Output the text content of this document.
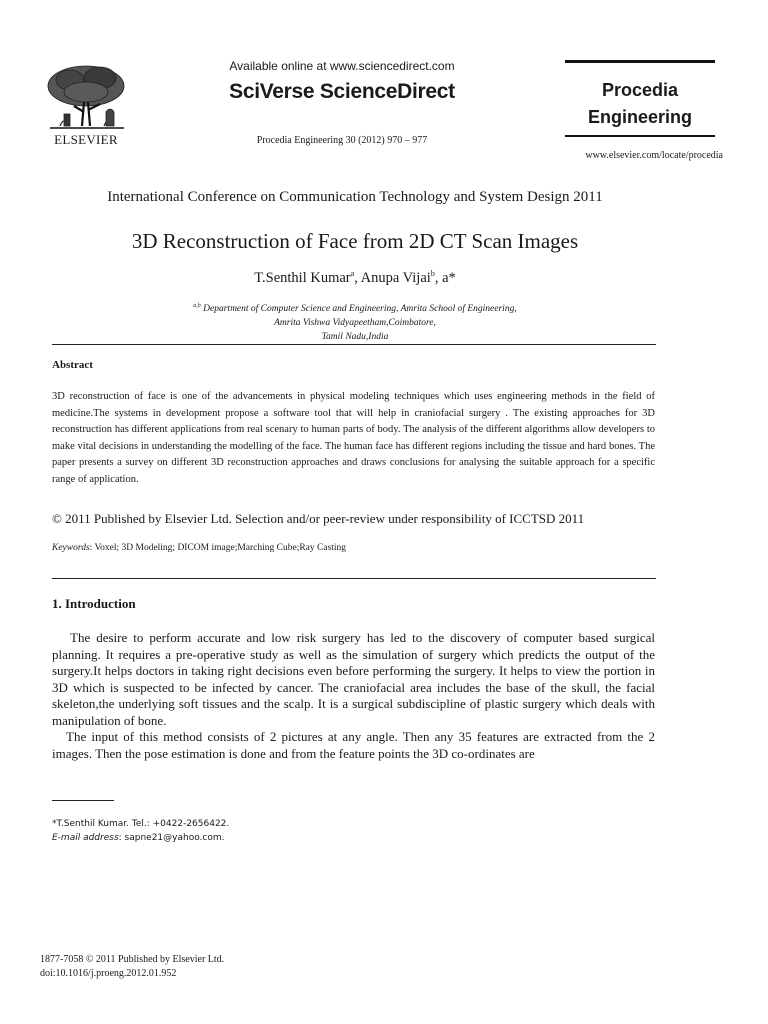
ELSEVIER
Available online at www.sciencedirect.com
SciVerse ScienceDirect
Procedia Engineering 30 (2012) 970 – 977
Procedia
Engineering
www.elsevier.com/locate/procedia
International Conference on Communication Technology and System Design 2011
3D Reconstruction of Face from 2D CT Scan Images
T.Senthil Kumar$^a$, Anupa Vijai$^b$, a*
$^{a,b}$ Department of Computer Science and Engineering, Amrita School of Engineering,
Amrita Vishwa Vidyapeetham,Coimbatore,
Tamil Nadu,India
Abstract
3D reconstruction of face is one of the advancements in physical modeling techniques which uses engineering methods in the field of medicine.The systems in development propose a software tool that will help in craniofacial surgery . The existing approaches for 3D reconstruction has different applications from real scenary to human parts of body. The analysis of the different algorithms allow developers to make vital decisions in understanding the modelling of the face. The human face has different regions including the tissue and hard bones. The paper presents a survey on different 3D reconstruction approaches and draws conclusions for analysing the suitable approach for a specific range of application.
© 2011 Published by Elsevier Ltd. Selection and/or peer-review under responsibility of ICCTSD 2011
Keywords: Voxel; 3D Modeling; DICOM image;Marching Cube;Ray Casting
1. Introduction
The desire to perform accurate and low risk surgery has led to the discovery of computer based surgical planning. It requires a pre-operative study as well as the simulation of surgery which predicts the output of the surgery.It helps doctors in taking right decisions even before performing the surgery. It helps to view the portion in 3D which is suspected to be infected by cancer. The craniofacial area includes the base of the skull, the facial skeleton,the underlying soft tissues and the scalp. It is a surgical subdiscipline of plastic surgery which deals with manipulation of bone.
The input of this method consists of 2 pictures at any angle. Then any 35 features are extracted from the 2 images. Then the pose estimation is done and from the feature points the 3D co-ordinates are
*T.Senthil Kumar. Tel.: +0422-2656422.
E-mail address: sapne21@yahoo.com.
1877-7058 © 2011 Published by Elsevier Ltd.
doi:10.1016/j.proeng.2012.01.952
